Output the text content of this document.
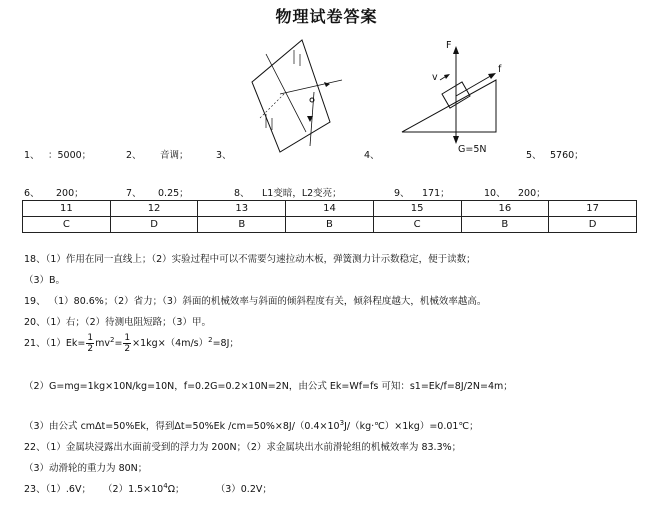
物理试卷答案
F
v
f
G=5N
1、 ：5000；	2、 音调；	3、	4、	5、 5760；
6、 200；	7、 0.25；	8、 L1变暗，L2变亮；	9、 171；	10、 200；
11	12	13	14	15	16	17
C	D	B	B	C	B	D
18、（1）作用在同一直线上；（2）实验过程中可以不需要匀速拉动木板，弹簧测力计示数稳定，便于读数；
（3）B。
19、 （1）80.6%；（2）省力；（3）斜面的机械效率与斜面的倾斜程度有关，倾斜程度越大，机械效率越高。
20、（1）右；（2）待测电阻短路；（3）甲。
21、$(1)Ek= \frac{1}{2} mv^2= \frac{1}{2} \times 1kg\times(4m/s)^2=8J$；
（2）G=mg=1kg×10N/kg=10N，f=0.2G=0.2×10N=2N，由公式 Ek=Wf=fs 可知：s1=Ek/f=8J/2N=4m；
（3）由公式 cmΔt=50%Ek，得到Δt=50%Ek $/cm=50\%\times 8J/(0.4\times 10^3J/(kg\cdot℃)\times 1kg)=0.01℃$；
22、（1）金属块浸露出水面前受到的浮力为 200N；（2）求金属块出水前滑轮组的机械效率为 83.3%；
（3）动滑轮的重力为 80N；
23、（1）.6V；    $(2)1.5\times 10^4\Omega$；	（3）0.2V；
